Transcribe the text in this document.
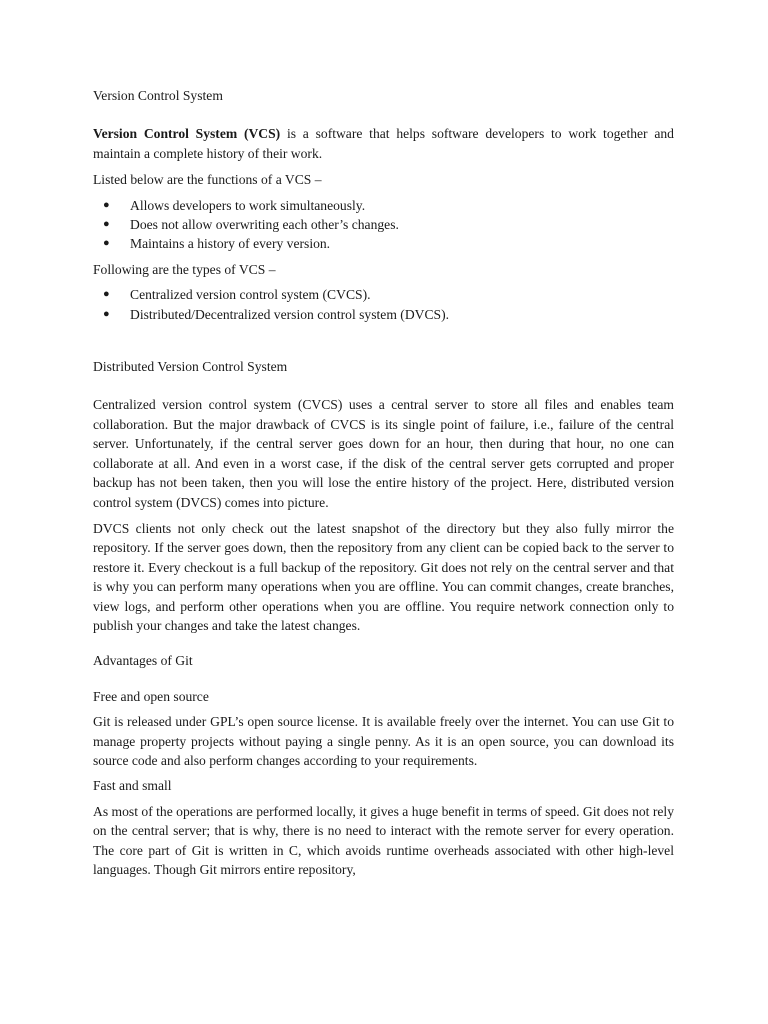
Version Control System

Version Control System (VCS) is a software that helps software developers to work together and maintain a complete history of their work.

Listed below are the functions of a VCS –

● Allows developers to work simultaneously.
● Does not allow overwriting each other’s changes.
● Maintains a history of every version.

Following are the types of VCS –

● Centralized version control system (CVCS).
● Distributed/Decentralized version control system (DVCS).

Distributed Version Control System

Centralized version control system (CVCS) uses a central server to store all files and enables team collaboration. But the major drawback of CVCS is its single point of failure, i.e., failure of the central server. Unfortunately, if the central server goes down for an hour, then during that hour, no one can collaborate at all. And even in a worst case, if the disk of the central server gets corrupted and proper backup has not been taken, then you will lose the entire history of the project. Here, distributed version control system (DVCS) comes into picture.

DVCS clients not only check out the latest snapshot of the directory but they also fully mirror the repository. If the server goes down, then the repository from any client can be copied back to the server to restore it. Every checkout is a full backup of the repository. Git does not rely on the central server and that is why you can perform many operations when you are offline. You can commit changes, create branches, view logs, and perform other operations when you are offline. You require network connection only to publish your changes and take the latest changes.

Advantages of Git

Free and open source

Git is released under GPL’s open source license. It is available freely over the internet. You can use Git to manage property projects without paying a single penny. As it is an open source, you can download its source code and also perform changes according to your requirements.

Fast and small

As most of the operations are performed locally, it gives a huge benefit in terms of speed. Git does not rely on the central server; that is why, there is no need to interact with the remote server for every operation. The core part of Git is written in C, which avoids runtime overheads associated with other high-level languages. Though Git mirrors entire repository,
